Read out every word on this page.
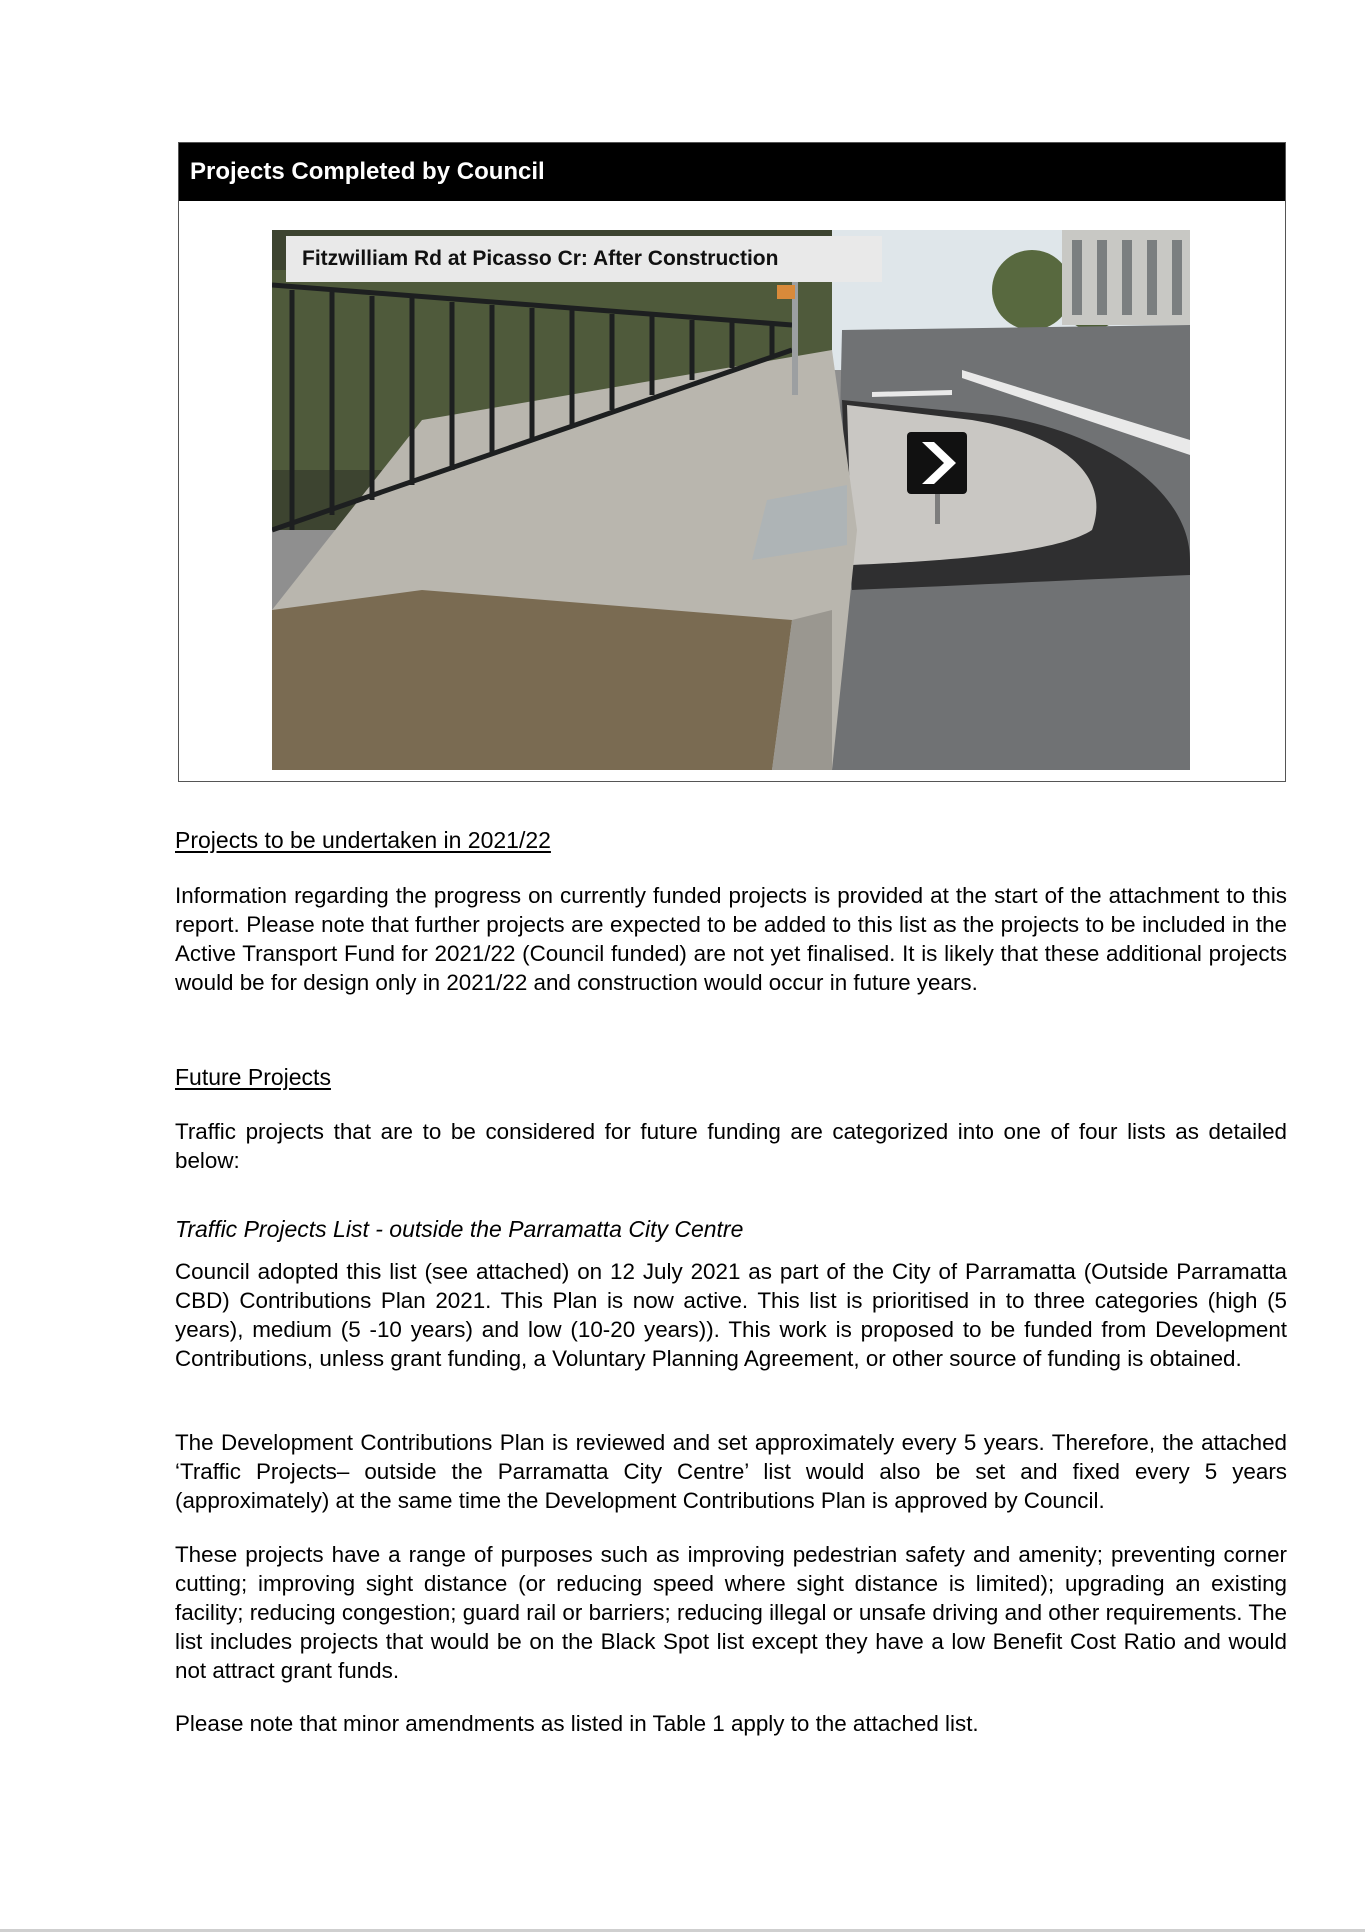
Projects Completed by Council
Fitzwilliam Rd at Picasso Cr: After Construction
Projects to be undertaken in 2021/22
Information regarding the progress on currently funded projects is provided at the start of the attachment to this report. Please note that further projects are expected to be added to this list as the projects to be included in the Active Transport Fund for 2021/22 (Council funded) are not yet finalised. It is likely that these additional projects would be for design only in 2021/22 and construction would occur in future years.
Future Projects
Traffic projects that are to be considered for future funding are categorized into one of four lists as detailed below:
Traffic Projects List - outside the Parramatta City Centre
Council adopted this list (see attached) on 12 July 2021 as part of the City of Parramatta (Outside Parramatta CBD) Contributions Plan 2021. This Plan is now active. This list is prioritised in to three categories (high (5 years), medium (5 -10 years) and low (10-20 years)). This work is proposed to be funded from Development Contributions, unless grant funding, a Voluntary Planning Agreement, or other source of funding is obtained.
The Development Contributions Plan is reviewed and set approximately every 5 years. Therefore, the attached ‘Traffic Projects– outside the Parramatta City Centre’ list would also be set and fixed every 5 years (approximately) at the same time the Development Contributions Plan is approved by Council.
These projects have a range of purposes such as improving pedestrian safety and amenity; preventing corner cutting; improving sight distance (or reducing speed where sight distance is limited); upgrading an existing facility; reducing congestion; guard rail or barriers; reducing illegal or unsafe driving and other requirements. The list includes projects that would be on the Black Spot list except they have a low Benefit Cost Ratio and would not attract grant funds.
Please note that minor amendments as listed in Table 1 apply to the attached list.
